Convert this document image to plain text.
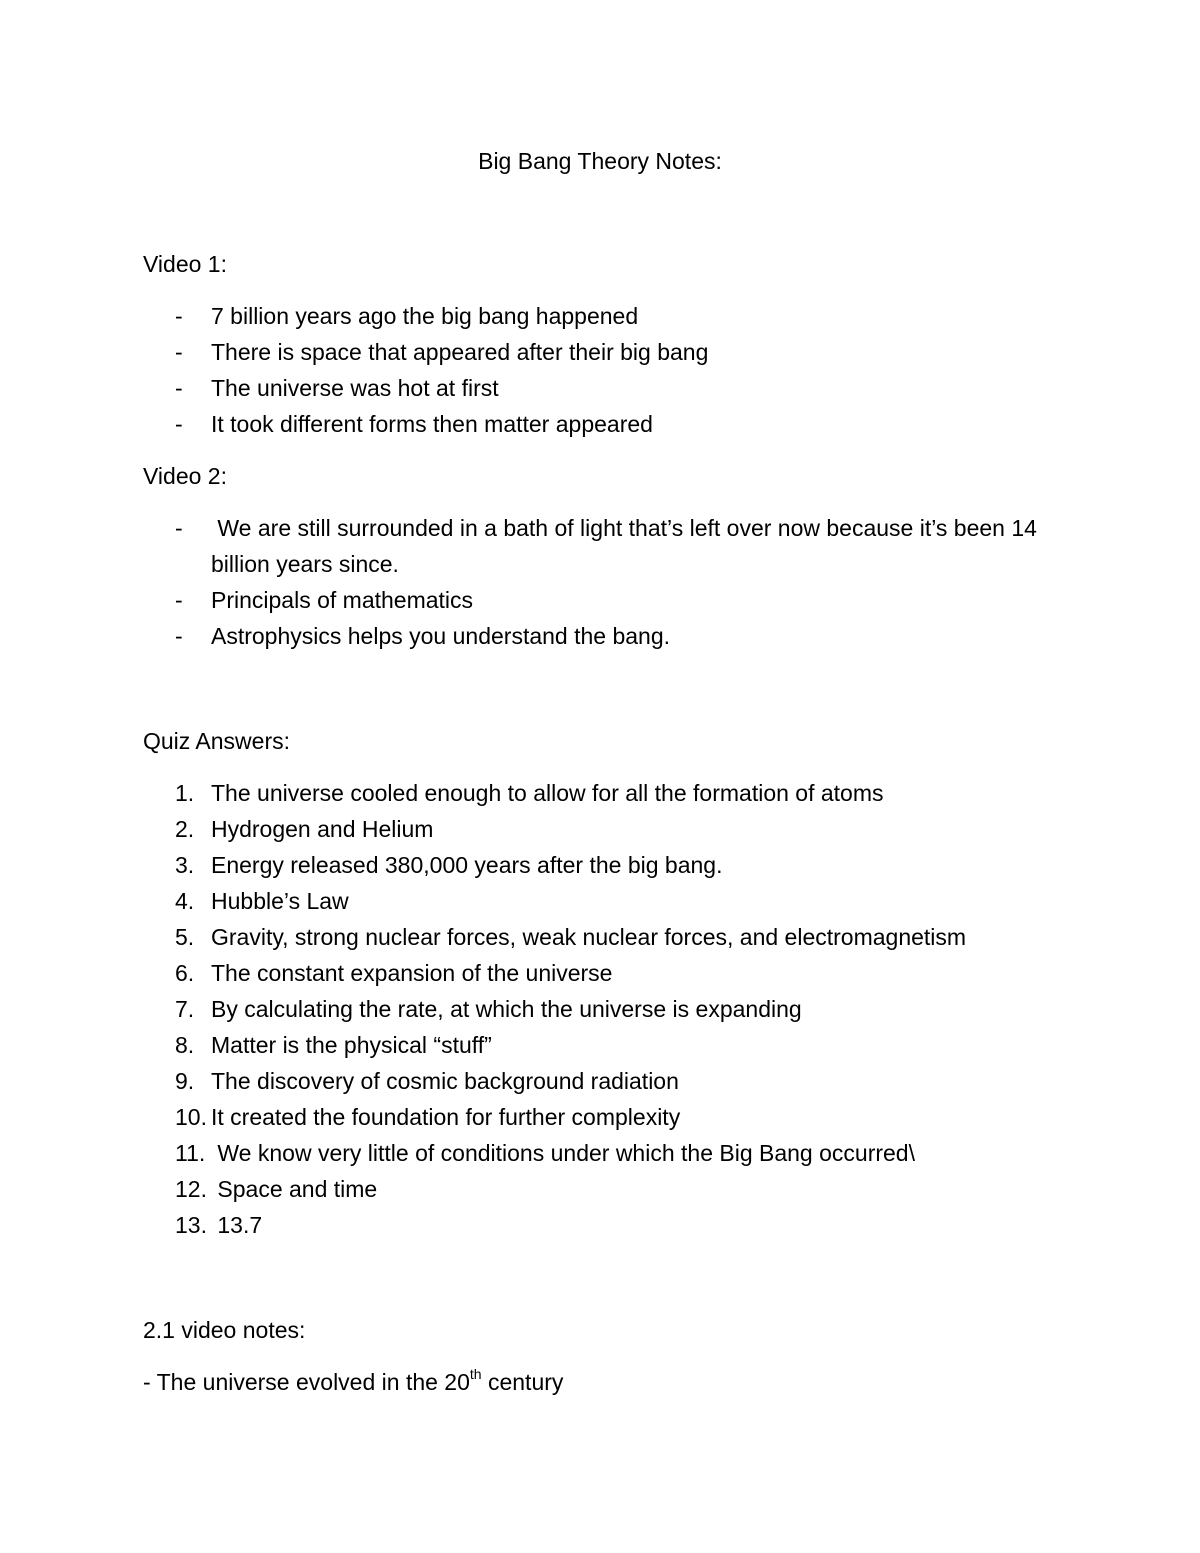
Big Bang Theory Notes:

Video 1:

- 7 billion years ago the big bang happened
- There is space that appeared after their big bang
- The universe was hot at first
- It took different forms then matter appeared

Video 2:

- We are still surrounded in a bath of light that’s left over now because it’s been 14 billion years since.
- Principals of mathematics
- Astrophysics helps you understand the bang.

Quiz Answers:

1. The universe cooled enough to allow for all the formation of atoms
2. Hydrogen and Helium
3. Energy released 380,000 years after the big bang.
4. Hubble’s Law
5. Gravity, strong nuclear forces, weak nuclear forces, and electromagnetism
6. The constant expansion of the universe
7. By calculating the rate, at which the universe is expanding
8. Matter is the physical “stuff”
9. The discovery of cosmic background radiation
10. It created the foundation for further complexity
11. We know very little of conditions under which the Big Bang occurred\
12. Space and time
13. 13.7

2.1 video notes:

- The universe evolved in the 20th century
